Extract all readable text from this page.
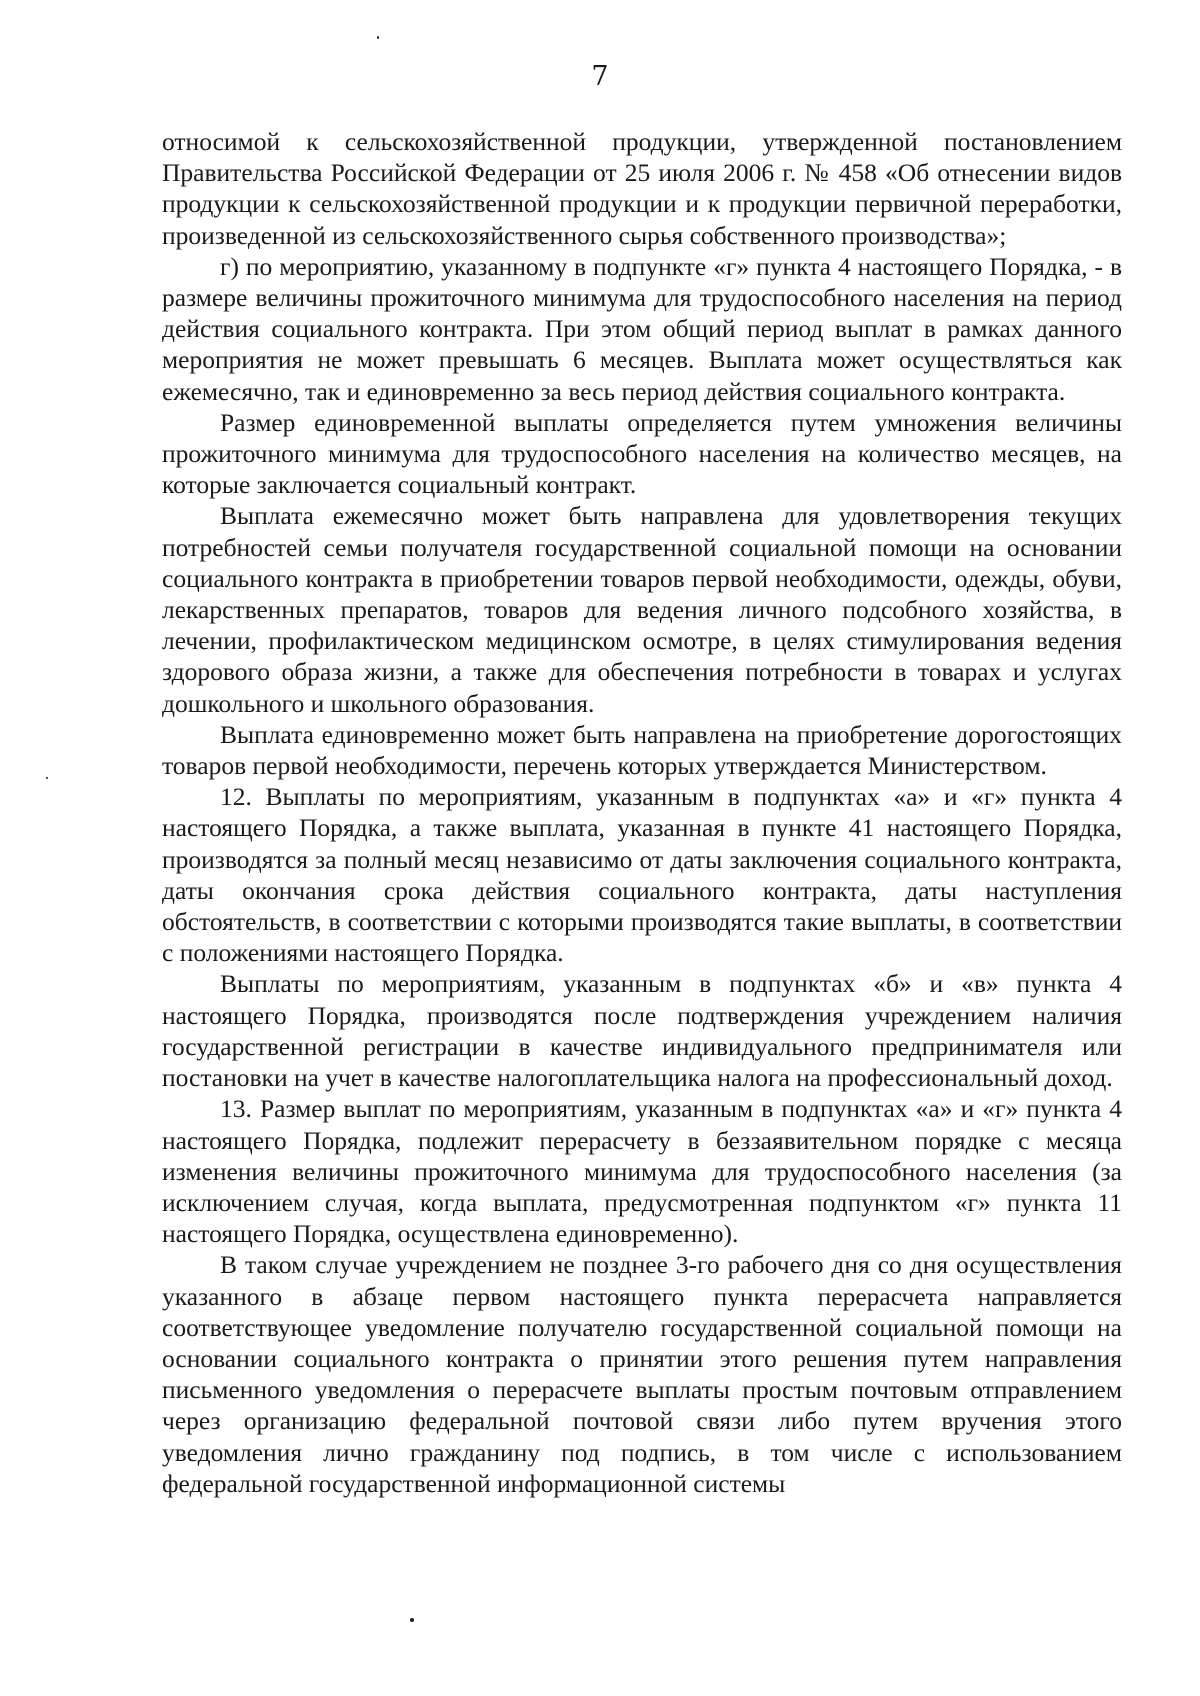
7

относимой к сельскохозяйственной продукции, утвержденной постановлением Правительства Российской Федерации от 25 июля 2006 г. № 458 «Об отнесении видов продукции к сельскохозяйственной продукции и к продукции первичной переработки, произведенной из сельскохозяйственного сырья собственного производства»;

г) по мероприятию, указанному в подпункте «г» пункта 4 настоящего Порядка, - в размере величины прожиточного минимума для трудоспособного населения на период действия социального контракта. При этом общий период выплат в рамках данного мероприятия не может превышать 6 месяцев. Выплата может осуществляться как ежемесячно, так и единовременно за весь период действия социального контракта.

Размер единовременной выплаты определяется путем умножения величины прожиточного минимума для трудоспособного населения на количество месяцев, на которые заключается социальный контракт.

Выплата ежемесячно может быть направлена для удовлетворения текущих потребностей семьи получателя государственной социальной помощи на основании социального контракта в приобретении товаров первой необходимости, одежды, обуви, лекарственных препаратов, товаров для ведения личного подсобного хозяйства, в лечении, профилактическом медицинском осмотре, в целях стимулирования ведения здорового образа жизни, а также для обеспечения потребности в товарах и услугах дошкольного и школьного образования.

Выплата единовременно может быть направлена на приобретение дорогостоящих товаров первой необходимости, перечень которых утверждается Министерством.

12. Выплаты по мероприятиям, указанным в подпунктах «а» и «г» пункта 4 настоящего Порядка, а также выплата, указанная в пункте 41 настоящего Порядка, производятся за полный месяц независимо от даты заключения социального контракта, даты окончания срока действия социального контракта, даты наступления обстоятельств, в соответствии с которыми производятся такие выплаты, в соответствии с положениями настоящего Порядка.

Выплаты по мероприятиям, указанным в подпунктах «б» и «в» пункта 4 настоящего Порядка, производятся после подтверждения учреждением наличия государственной регистрации в качестве индивидуального предпринимателя или постановки на учет в качестве налогоплательщика налога на профессиональный доход.

13. Размер выплат по мероприятиям, указанным в подпунктах «а» и «г» пункта 4 настоящего Порядка, подлежит перерасчету в беззаявительном порядке с месяца изменения величины прожиточного минимума для трудоспособного населения (за исключением случая, когда выплата, предусмотренная подпунктом «г» пункта 11 настоящего Порядка, осуществлена единовременно).

В таком случае учреждением не позднее 3-го рабочего дня со дня осуществления указанного в абзаце первом настоящего пункта перерасчета направляется соответствующее уведомление получателю государственной социальной помощи на основании социального контракта о принятии этого решения путем направления письменного уведомления о перерасчете выплаты простым почтовым отправлением через организацию федеральной почтовой связи либо путем вручения этого уведомления лично гражданину под подпись, в том числе с использованием федеральной государственной информационной системы
